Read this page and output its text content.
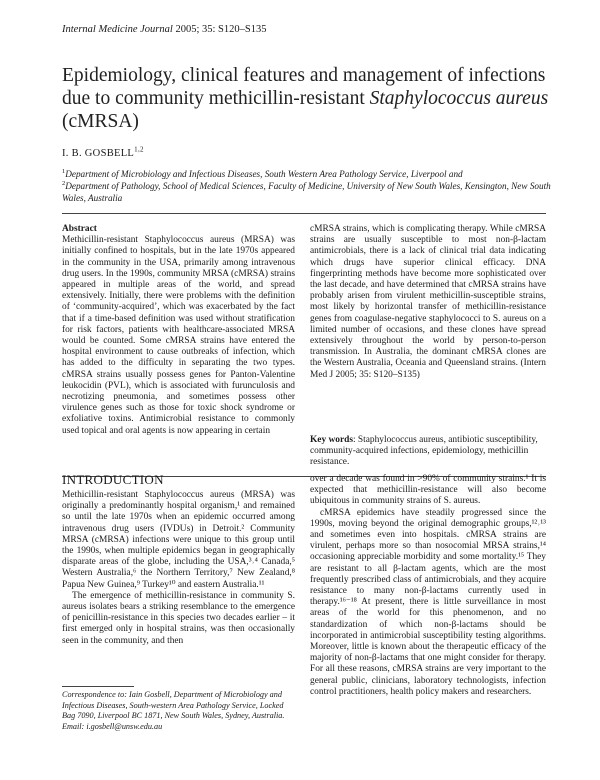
Internal Medicine Journal 2005; 35: S120–S135
Epidemiology, clinical features and management of infections due to community methicillin-resistant Staphylococcus aureus (cMRSA)
I. B. GOSBELL$^{1,2}$
$^1$Department of Microbiology and Infectious Diseases, South Western Area Pathology Service, Liverpool and
$^2$Department of Pathology, School of Medical Sciences, Faculty of Medicine, University of New South Wales, Kensington, New South Wales, Australia
Abstract
Methicillin-resistant Staphylococcus aureus (MRSA) was initially confined to hospitals, but in the late 1970s appeared in the community in the USA, primarily among intravenous drug users. In the 1990s, community MRSA (cMRSA) strains appeared in multiple areas of the world, and spread extensively. Initially, there were problems with the definition of ‘community-acquired’, which was exacerbated by the fact that if a time-based definition was used without stratification for risk factors, patients with healthcare-associated MRSA would be counted. Some cMRSA strains have entered the hospital environment to cause outbreaks of infection, which has added to the difficulty in separating the two types. cMRSA strains usually possess genes for Panton-Valentine leukocidin (PVL), which is associated with furunculosis and necrotizing pneumonia, and sometimes possess other virulence genes such as those for toxic shock syndrome or exfoliative toxins. Antimicrobial resistance to commonly used topical and oral agents is now appearing in certain
cMRSA strains, which is complicating therapy. While cMRSA strains are usually susceptible to most non-β-lactam antimicrobials, there is a lack of clinical trial data indicating which drugs have superior clinical efficacy. DNA fingerprinting methods have become more sophisticated over the last decade, and have determined that cMRSA strains have probably arisen from virulent methicillin-susceptible strains, most likely by horizontal transfer of methicillin-resistance genes from coagulase-negative staphylococci to S. aureus on a limited number of occasions, and these clones have spread extensively throughout the world by person-to-person transmission. In Australia, the dominant cMRSA clones are the Western Australia, Oceania and Queensland strains. (Intern Med J 2005; 35: S120–S135)
Key words: Staphylococcus aureus, antibiotic susceptibility, community-acquired infections, epidemiology, methicillin resistance.
INTRODUCTION

Methicillin-resistant Staphylococcus aureus (MRSA) was originally a predominantly hospital organism,¹ and remained so until the late 1970s when an epidemic occurred among intravenous drug users (IVDUs) in Detroit.² Community MRSA (cMRSA) infections were unique to this group until the 1990s, when multiple epidemics began in geographically disparate areas of the globe, including the USA,³˒⁴ Canada,⁵ Western Australia,⁶ the Northern Territory,⁷ New Zealand,⁸ Papua New Guinea,⁹ Turkey¹⁰ and eastern Australia.¹¹

The emergence of methicillin-resistance in community S. aureus isolates bears a striking resemblance to the emergence of penicillin-resistance in this species two decades earlier – it first emerged only in hospital strains, was then occasionally seen in the community, and then

over a decade was found in >90% of community strains.¹ It is expected that methicillin-resistance will also become ubiquitous in community strains of S. aureus.

cMRSA epidemics have steadily progressed since the 1990s, moving beyond the original demographic groups,¹²˒¹³ and sometimes even into hospitals. cMRSA strains are virulent, perhaps more so than nosocomial MRSA strains,¹⁴ occasioning appreciable morbidity and some mortality.¹⁵ They are resistant to all β-lactam agents, which are the most frequently prescribed class of antimicrobials, and they acquire resistance to many non-β-lactams currently used in therapy.¹⁶⁻¹⁸ At present, there is little surveillance in most areas of the world for this phenomenon, and no standardization of which non-β-lactams should be incorporated in antimicrobial susceptibility testing algorithms. Moreover, little is known about the therapeutic efficacy of the majority of non-β-lactams that one might consider for therapy. For all these reasons, cMRSA strains are very important to the general public, clinicians, laboratory technologists, infection control practitioners, health policy makers and researchers.

Correspondence to: Iain Gosbell, Department of Microbiology and Infectious Diseases, South-western Area Pathology Service, Locked Bag 7090, Liverpool BC 1871, New South Wales, Sydney, Australia. Email: i.gosbell@unsw.edu.au
